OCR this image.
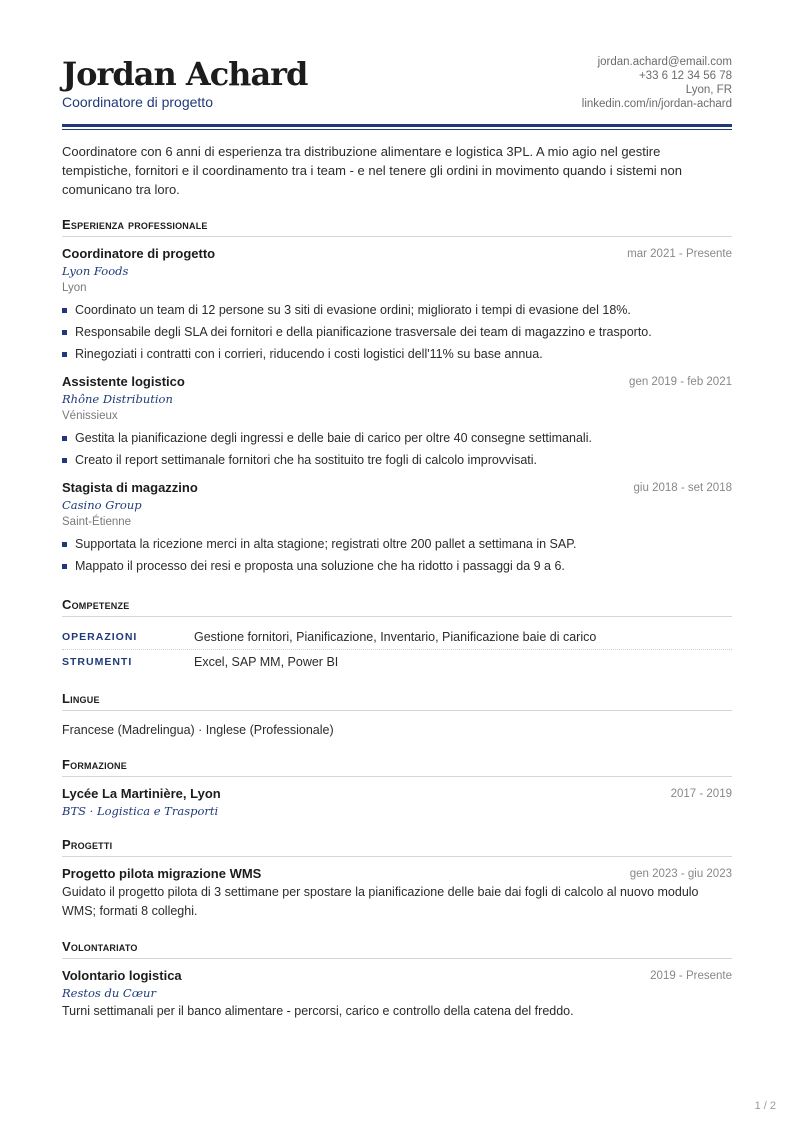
Jordan Achard
Coordinatore di progetto
jordan.achard@email.com
+33 6 12 34 56 78
Lyon, FR
linkedin.com/in/jordan-achard

Coordinatore con 6 anni di esperienza tra distribuzione alimentare e logistica 3PL. A mio agio nel gestire tempistiche, fornitori e il coordinamento tra i team - e nel tenere gli ordini in movimento quando i sistemi non comunicano tra loro.

Esperienza professionale
Coordinatore di progetto	mar 2021 - Presente
Lyon Foods
Lyon
Coordinato un team di 12 persone su 3 siti di evasione ordini; migliorato i tempi di evasione del 18%.
Responsabile degli SLA dei fornitori e della pianificazione trasversale dei team di magazzino e trasporto.
Rinegoziati i contratti con i corrieri, riducendo i costi logistici dell'11% su base annua.
Assistente logistico	gen 2019 - feb 2021
Rhône Distribution
Vénissieux
Gestita la pianificazione degli ingressi e delle baie di carico per oltre 40 consegne settimanali.
Creato il report settimanale fornitori che ha sostituito tre fogli di calcolo improvvisati.
Stagista di magazzino	giu 2018 - set 2018
Casino Group
Saint-Étienne
Supportata la ricezione merci in alta stagione; registrati oltre 200 pallet a settimana in SAP.
Mappato il processo dei resi e proposta una soluzione che ha ridotto i passaggi da 9 a 6.
Competenze
OPERAZIONI	Gestione fornitori, Pianificazione, Inventario, Pianificazione baie di carico
STRUMENTI	Excel, SAP MM, Power BI
Lingue
Francese (Madrelingua) · Inglese (Professionale)
Formazione
Lycée La Martinière, Lyon	2017 - 2019
BTS · Logistica e Trasporti
Progetti
Progetto pilota migrazione WMS	gen 2023 - giu 2023

Guidato il progetto pilota di 3 settimane per spostare la pianificazione delle baie dai fogli di calcolo al nuovo modulo WMS; formati 8 colleghi.

Volontariato
Volontario logistica	2019 - Presente
Restos du Cœur

Turni settimanali per il banco alimentare - percorsi, carico e controllo della catena del freddo.

1 / 2
